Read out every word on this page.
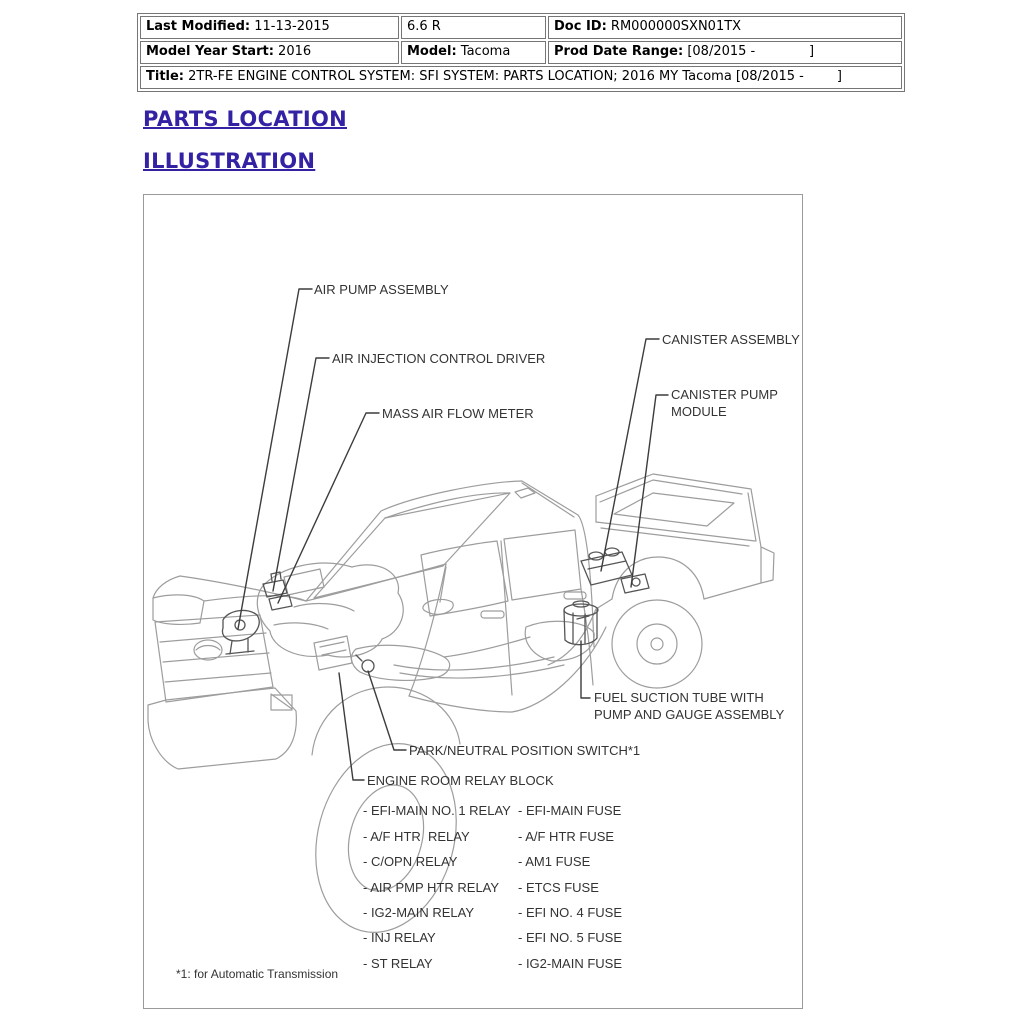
Last Modified: 11-13-2015	6.6 R	Doc ID: RM000000SXN01TX
Model Year Start: 2016	Model: Tacoma	Prod Date Range: [08/2015 -             ]
Title: 2TR-FE ENGINE CONTROL SYSTEM: SFI SYSTEM: PARTS LOCATION; 2016 MY Tacoma [08/2015 -        ]		
PARTS LOCATION
ILLUSTRATION
AIR PUMP ASSEMBLY
AIR INJECTION CONTROL DRIVER
MASS AIR FLOW METER
CANISTER ASSEMBLY
CANISTER PUMP
MODULE
FUEL SUCTION TUBE WITH
PUMP AND GAUGE ASSEMBLY
PARK/NEUTRAL POSITION SWITCH*1
ENGINE ROOM RELAY BLOCK
- EFI-MAIN NO. 1 RELAY
- A/F HTR  RELAY
- C/OPN RELAY
- AIR PMP HTR RELAY
- IG2-MAIN RELAY
- INJ RELAY
- ST RELAY
- EFI-MAIN FUSE
- A/F HTR FUSE
- AM1 FUSE
- ETCS FUSE
- EFI NO. 4 FUSE
- EFI NO. 5 FUSE
- IG2-MAIN FUSE
*1: for Automatic Transmission
